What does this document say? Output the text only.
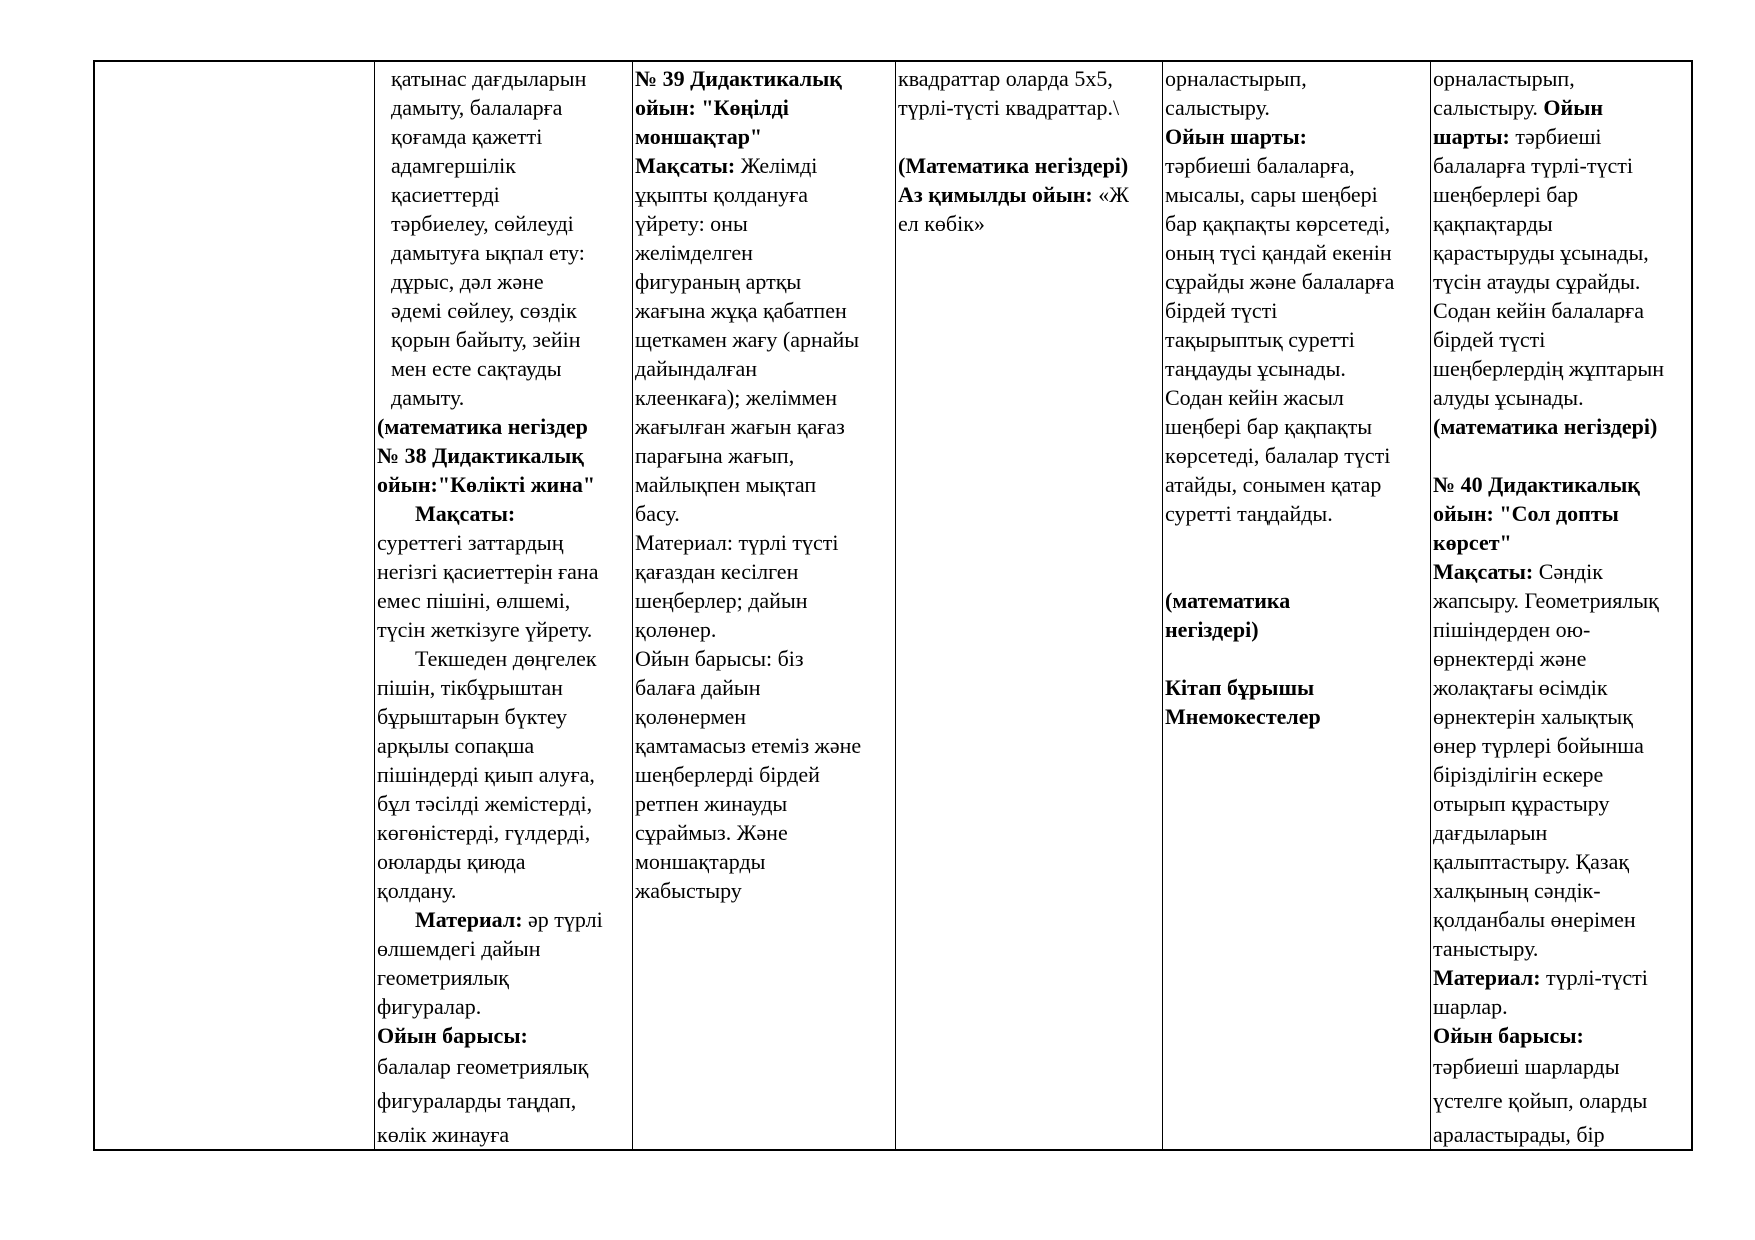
қатынас дағдыларын
дамыту, балаларға
қоғамда қажетті
адамгершілік
қасиеттерді
тәрбиелеу, сөйлеуді
дамытуға ықпал ету:
дұрыс, дәл және
әдемі сөйлеу, сөздік
қорын байыту, зейін
мен есте сақтауды
дамыту.
(математика негіздер
№ 38 Дидактикалық
ойын:"Көлікті жина"
Мақсаты:
суреттегі заттардың
негізгі қасиеттерін ғана
емес пішіні, өлшемі,
түсін жеткізуге үйрету.
Текшеден дөңгелек
пішін, тікбұрыштан
бұрыштарын бүктеу
арқылы сопақша
пішіндерді қиып алуға,
бұл тәсілді жемістерді,
көгөністерді, гүлдерді,
оюларды қиюда
қолдану.
Материал: әр түрлі
өлшемдегі дайын
геометриялық
фигуралар.
Ойын барысы:
балалар геометриялық
фигураларды таңдап,
көлік жинауға
№ 39 Дидактикалық
ойын: "Көңілді
моншақтар"
Мақсаты: Желімді
ұқыпты қолдануға
үйрету: оны
желімделген
фигураның артқы
жағына жұқа қабатпен
щеткамен жағу (арнайы
дайындалған
клеенкаға); желіммен
жағылған жағын қағаз
парағына жағып,
майлықпен мықтап
басу.
Материал: түрлі түсті
қағаздан кесілген
шеңберлер; дайын
қолөнер.
Ойын барысы: біз
балаға дайын
қолөнермен
қамтамасыз етеміз және
шеңберлерді бірдей
ретпен жинауды
сұраймыз. Және
моншақтарды
жабыстыру
квадраттар оларда 5х5,
түрлі-түсті квадраттар.\
(Математика негіздері)
Аз қимылды ойын: «Ж
ел көбік»
орналастырып,
салыстыру.
Ойын шарты:
тәрбиеші балаларға,
мысалы, сары шеңбері
бар қақпақты көрсетеді,
оның түсі қандай екенін
сұрайды және балаларға
бірдей түсті
тақырыптық суретті
таңдауды ұсынады.
Содан кейін жасыл
шеңбері бар қақпақты
көрсетеді, балалар түсті
атайды, сонымен қатар
суретті таңдайды.
(математика
негіздері)
Кітап бұрышы
Мнемокестелер
орналастырып,
салыстыру. Ойын
шарты: тәрбиеші
балаларға түрлі-түсті
шеңберлері бар
қақпақтарды
қарастыруды ұсынады,
түсін атауды сұрайды.
Содан кейін балаларға
бірдей түсті
шеңберлердің жұптарын
алуды ұсынады.
(математика негіздері)
№ 40 Дидактикалық
ойын: "Сол допты
көрсет"
Мақсаты: Сәндік
жапсыру. Геометриялық
пішіндерден ою-
өрнектерді және
жолақтағы өсімдік
өрнектерін халықтық
өнер түрлері бойынша
бірізділігін ескере
отырып құрастыру
дағдыларын
қалыптастыру. Қазақ
халқының сәндік-
қолданбалы өнерімен
таныстыру.
Материал: түрлі-түсті
шарлар.
Ойын барысы:
тәрбиеші шарларды
үстелге қойып, оларды
араластырады, бір
